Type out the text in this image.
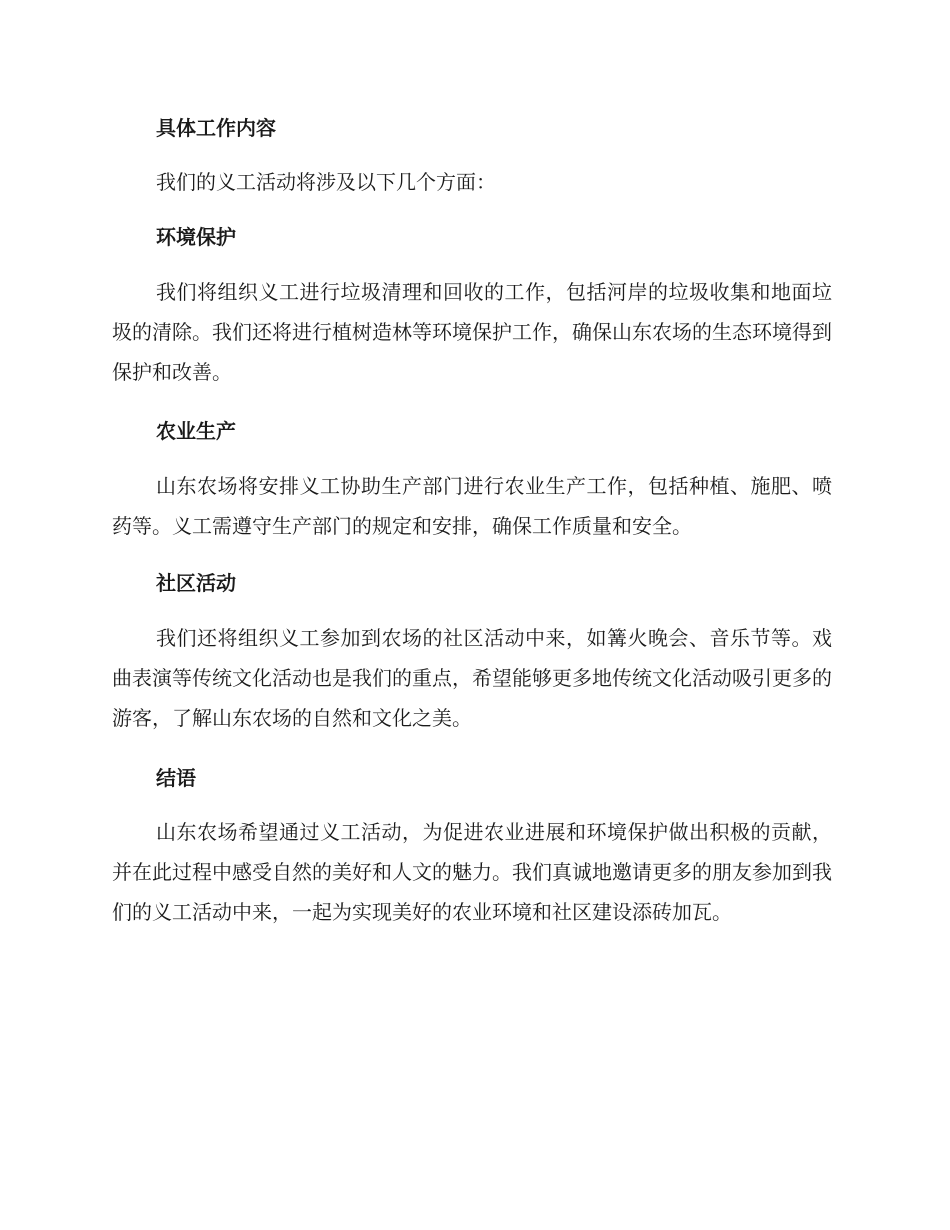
具体工作内容

我们的义工活动将涉及以下几个方面：

环境保护

我们将组织义工进行垃圾清理和回收的工作，包括河岸的垃圾收集和地面垃圾的清除。我们还将进行植树造林等环境保护工作，确保山东农场的生态环境得到保护和改善。

农业生产

山东农场将安排义工协助生产部门进行农业生产工作，包括种植、施肥、喷药等。义工需遵守生产部门的规定和安排，确保工作质量和安全。

社区活动

我们还将组织义工参加到农场的社区活动中来，如篝火晚会、音乐节等。戏曲表演等传统文化活动也是我们的重点，希望能够更多地传统文化活动吸引更多的游客，了解山东农场的自然和文化之美。

结语

山东农场希望通过义工活动，为促进农业进展和环境保护做出积极的贡献，并在此过程中感受自然的美好和人文的魅力。我们真诚地邀请更多的朋友参加到我们的义工活动中来，一起为实现美好的农业环境和社区建设添砖加瓦。
